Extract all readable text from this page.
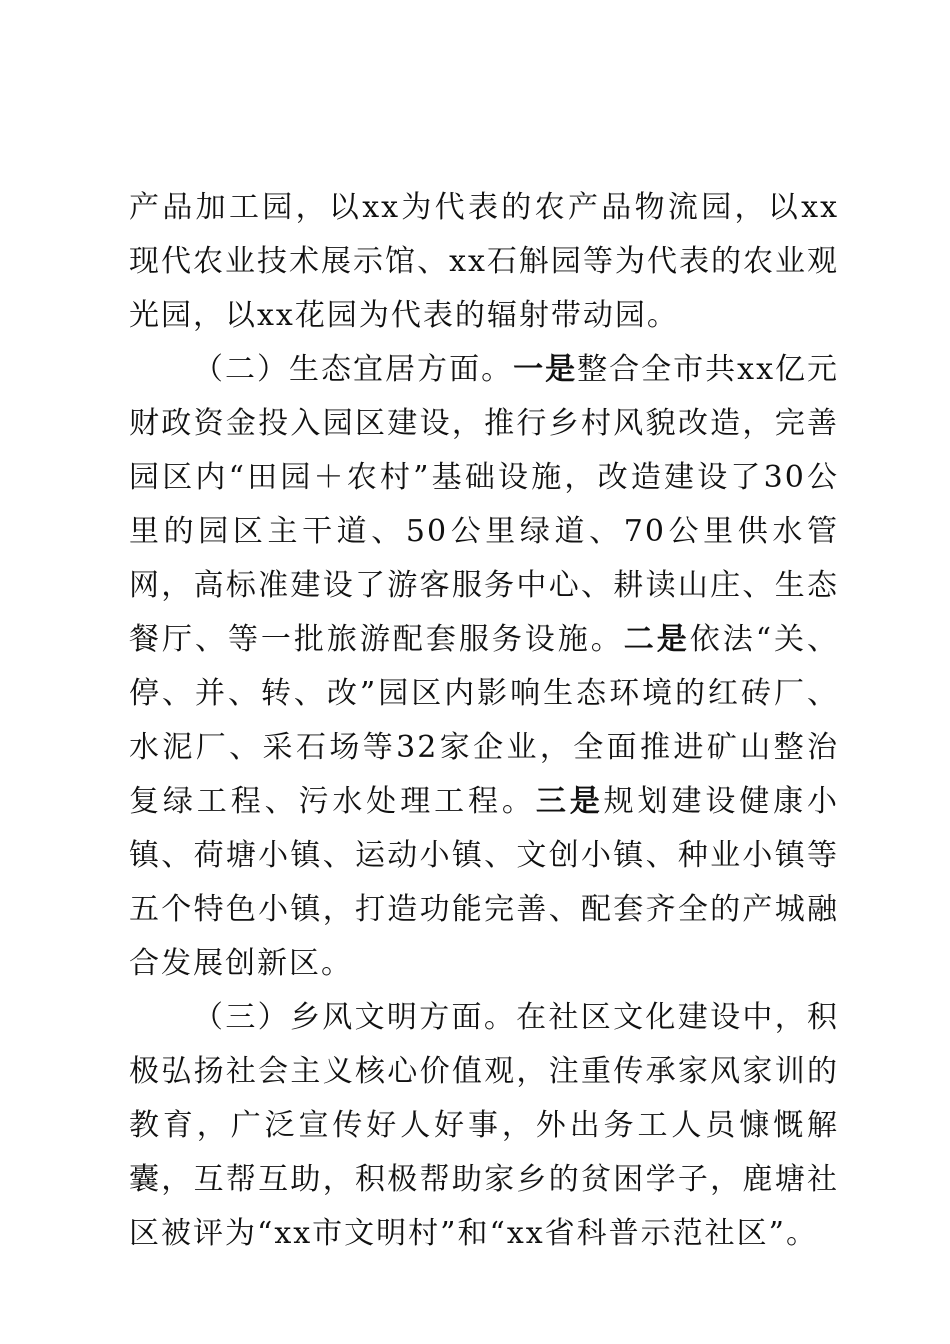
产品加工园，以xx为代表的农产品物流园，以xx现代农业技术展示馆、xx石斛园等为代表的农业观光园，以xx花园为代表的辐射带动园。

（二）生态宜居方面。一是整合全市共xx亿元财政资金投入园区建设，推行乡村风貌改造，完善园区内“田园＋农村”基础设施，改造建设了30公里的园区主干道、50公里绿道、70公里供水管网，高标准建设了游客服务中心、耕读山庄、生态餐厅、等一批旅游配套服务设施。二是依法“关、停、并、转、改”园区内影响生态环境的红砖厂、水泥厂、采石场等32家企业，全面推进矿山整治复绿工程、污水处理工程。三是规划建设健康小镇、荷塘小镇、运动小镇、文创小镇、种业小镇等五个特色小镇，打造功能完善、配套齐全的产城融合发展创新区。

（三）乡风文明方面。在社区文化建设中，积极弘扬社会主义核心价值观，注重传承家风家训的教育，广泛宣传好人好事，外出务工人员慷慨解囊，互帮互助，积极帮助家乡的贫困学子，鹿塘社区被评为“xx市文明村”和“xx省科普示范社区”。
